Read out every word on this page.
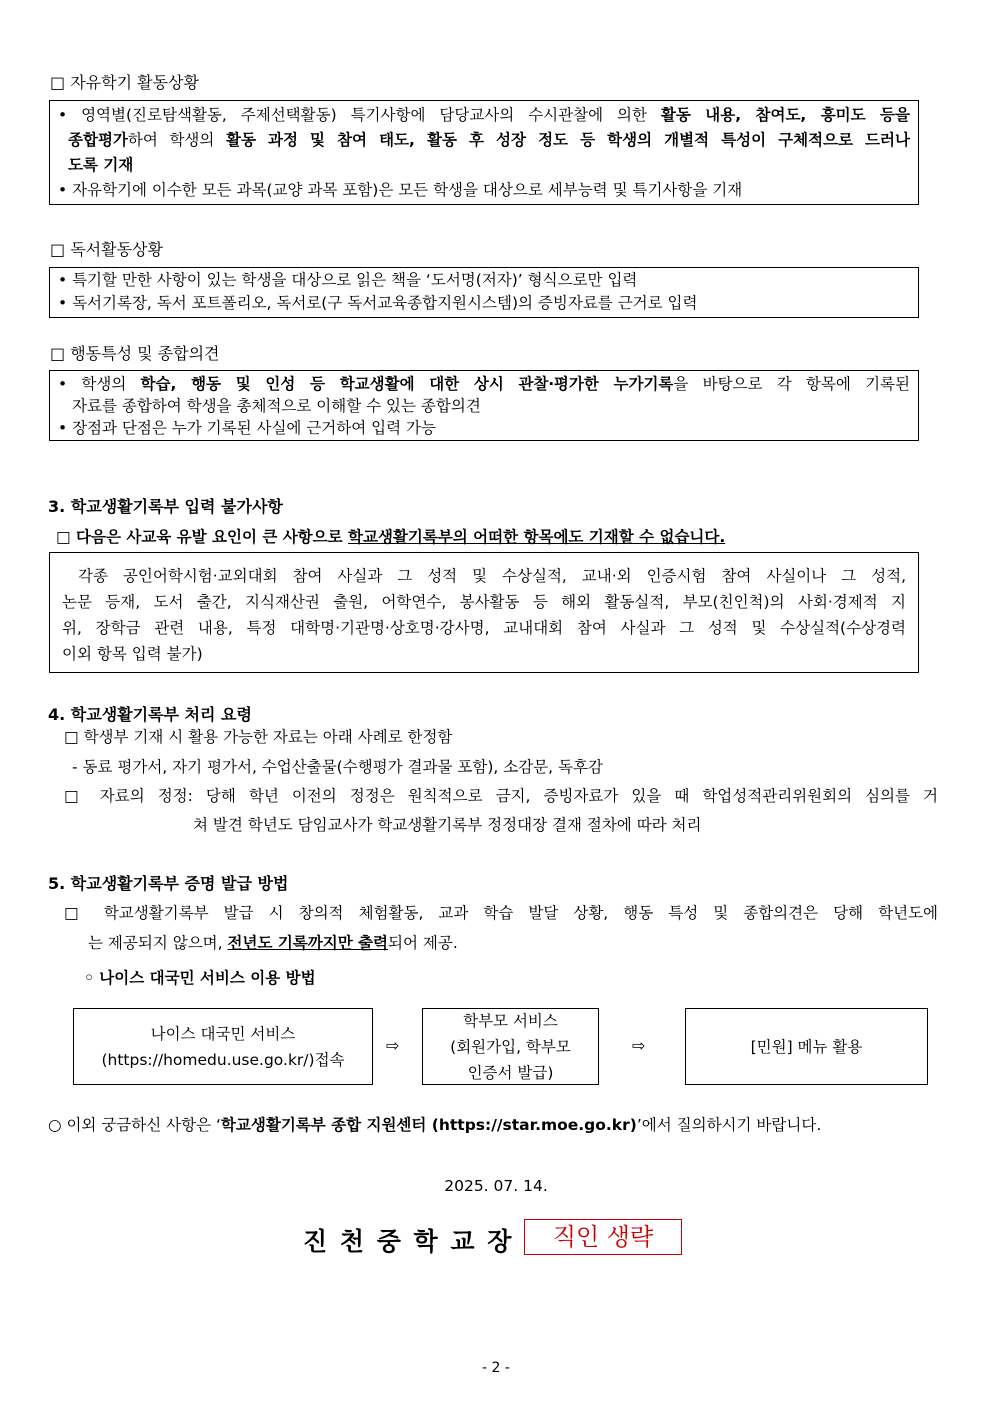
□ 자유학기 활동상황
• 영역별(진로탐색활동, 주제선택활동) 특기사항에 담당교사의 수시관찰에 의한 활동 내용, 참여도, 흥미도 등을
종합평가하여 학생의 활동 과정 및 참여 태도, 활동 후 성장 정도 등 학생의 개별적 특성이 구체적으로 드러나
도록 기재
• 자유학기에 이수한 모든 과목(교양 과목 포함)은 모든 학생을 대상으로 세부능력 및 특기사항을 기재
□ 독서활동상황
• 특기할 만한 사항이 있는 학생을 대상으로 읽은 책을 ‘도서명(저자)’ 형식으로만 입력
• 독서기록장, 독서 포트폴리오, 독서로(구 독서교육종합지원시스템)의 증빙자료를 근거로 입력
□ 행동특성 및 종합의견
• 학생의 학습, 행동 및 인성 등 학교생활에 대한 상시 관찰‧평가한 누가기록을 바탕으로 각 항목에 기록된
자료를 종합하여 학생을 총체적으로 이해할 수 있는 종합의견
• 장점과 단점은 누가 기록된 사실에 근거하여 입력 가능
3. 학교생활기록부 입력 불가사항
□ 다음은 사교육 유발 요인이 큰 사항으로 학교생활기록부의 어떠한 항목에도 기재할 수 없습니다.
각종 공인어학시험‧교외대회 참여 사실과 그 성적 및 수상실적, 교내‧외 인증시험 참여 사실이나 그 성적,
논문 등재, 도서 출간, 지식재산권 출원, 어학연수, 봉사활동 등 해외 활동실적, 부모(친인척)의 사회‧경제적 지
위, 장학금 관련 내용, 특정 대학명‧기관명‧상호명‧강사명, 교내대회 참여 사실과 그 성적 및 수상실적(수상경력
이외 항목 입력 불가)
4. 학교생활기록부 처리 요령
□ 학생부 기재 시 활용 가능한 자료는 아래 사례로 한정함
- 동료 평가서, 자기 평가서, 수업산출물(수행평가 결과물 포함), 소감문, 독후감
□ 자료의 정정: 당해 학년 이전의 정정은 원칙적으로 금지, 증빙자료가 있을 때 학업성적관리위원회의 심의를 거
쳐 발견 학년도 담임교사가 학교생활기록부 정정대장 결재 절차에 따라 처리
5. 학교생활기록부 증명 발급 방법
□ 학교생활기록부 발급 시 창의적 체험활동, 교과 학습 발달 상황, 행동 특성 및 종합의견은 당해 학년도에
는 제공되지 않으며, 전년도 기록까지만 출력되어 제공.
◦ 나이스 대국민 서비스 이용 방법
나이스 대국민 서비스
(https://homedu.use.go.kr/)접속
⇨
학부모 서비스
(회원가입, 학부모
인증서 발급)
⇨	[민원] 메뉴 활용
○ 이외 궁금하신 사항은 ‘학교생활기록부 종합 지원센터 (https://star.moe.go.kr)’에서 질의하시기 바랍니다.
2025. 07. 14.
진 천 중 학 교 장	직인 생략
- 2 -
